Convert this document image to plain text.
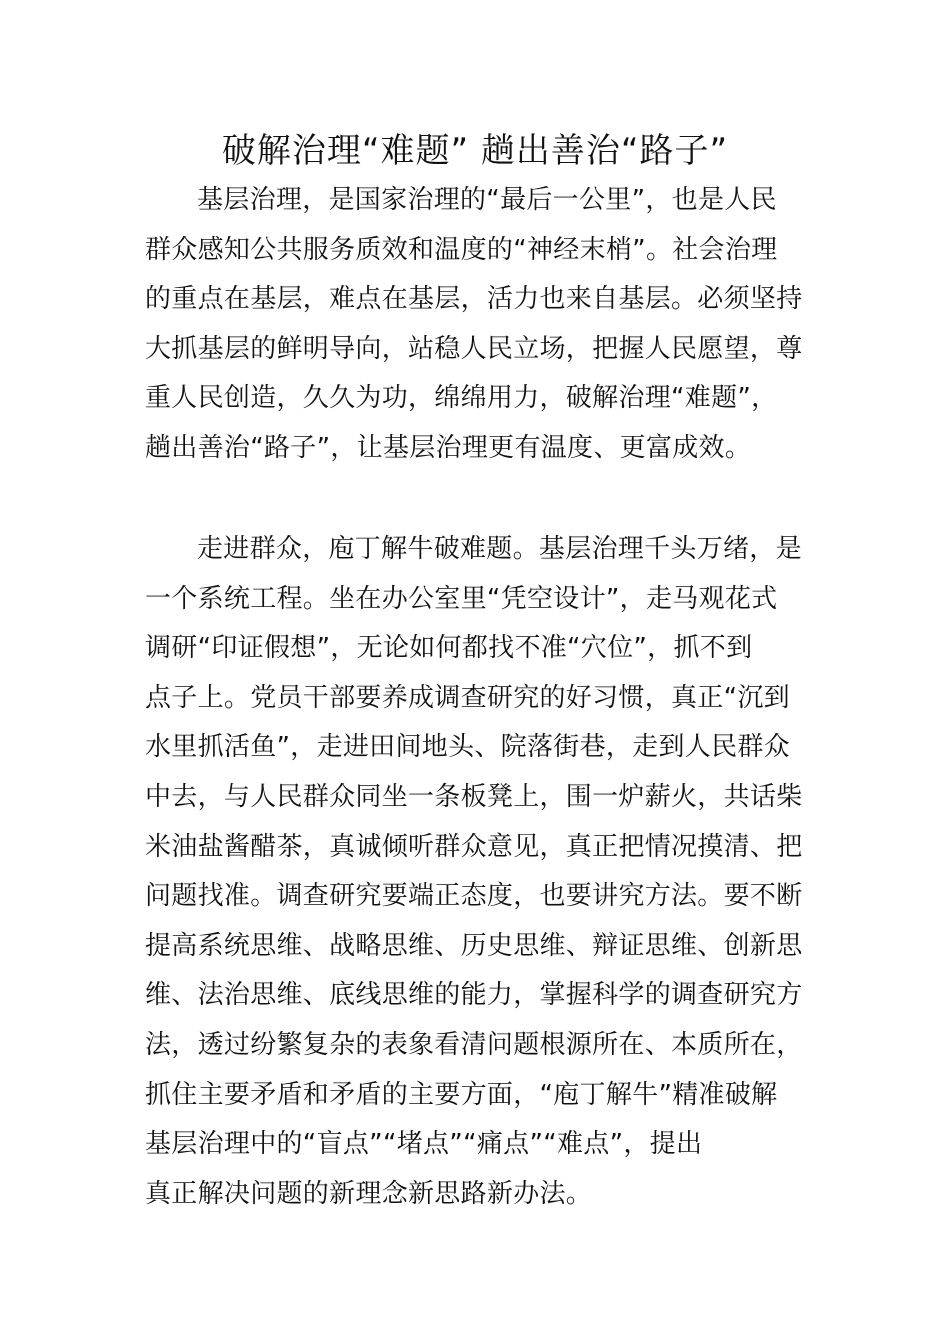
破解治理“难题” 趟出善治“路子”
基层治理，是国家治理的“最后一公里”，也是人民
群众感知公共服务质效和温度的“神经末梢”。社会治理
的重点在基层，难点在基层，活力也来自基层。必须坚持
大抓基层的鲜明导向，站稳人民立场，把握人民愿望，尊
重人民创造，久久为功，绵绵用力，破解治理“难题”，
趟出善治“路子”，让基层治理更有温度、更富成效。
走进群众，庖丁解牛破难题。基层治理千头万绪，是
一个系统工程。坐在办公室里“凭空设计”，走马观花式
调研“印证假想”，无论如何都找不准“穴位”，抓不到
点子上。党员干部要养成调查研究的好习惯，真正“沉到
水里抓活鱼”，走进田间地头、院落街巷，走到人民群众
中去，与人民群众同坐一条板凳上，围一炉薪火，共话柴
米油盐酱醋茶，真诚倾听群众意见，真正把情况摸清、把
问题找准。调查研究要端正态度，也要讲究方法。要不断
提高系统思维、战略思维、历史思维、辩证思维、创新思
维、法治思维、底线思维的能力，掌握科学的调查研究方
法，透过纷繁复杂的表象看清问题根源所在、本质所在，
抓住主要矛盾和矛盾的主要方面，“庖丁解牛”精准破解
基层治理中的“盲点”“堵点”“痛点”“难点”，提出
真正解决问题的新理念新思路新办法。
